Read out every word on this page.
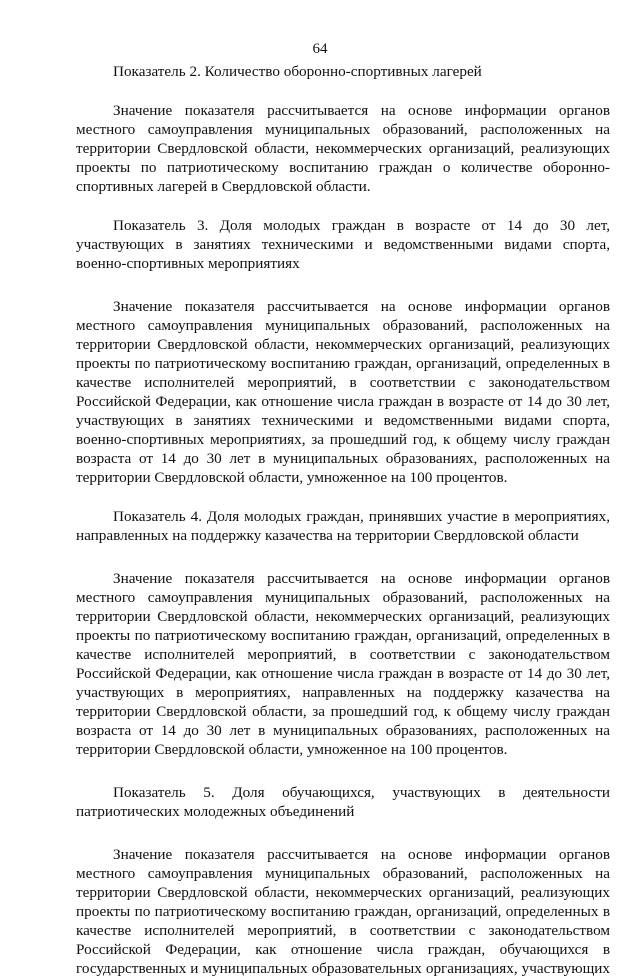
64

Показатель 2. Количество оборонно-спортивных лагерей

Значение показателя рассчитывается на основе информации органов местного самоуправления муниципальных образований, расположенных на территории Свердловской области, некоммерческих организаций, реализующих проекты по патриотическому воспитанию граждан о количестве оборонно-спортивных лагерей в Свердловской области.

Показатель 3. Доля молодых граждан в возрасте от 14 до 30 лет, участвующих в занятиях техническими и ведомственными видами спорта, военно-спортивных мероприятиях

Значение показателя рассчитывается на основе информации органов местного самоуправления муниципальных образований, расположенных на территории Свердловской области, некоммерческих организаций, реализующих проекты по патриотическому воспитанию граждан, организаций, определенных в качестве исполнителей мероприятий, в соответствии с законодательством Российской Федерации, как отношение числа граждан в возрасте от 14 до 30 лет, участвующих в занятиях техническими и ведомственными видами спорта, военно-спортивных мероприятиях, за прошедший год, к общему числу граждан возраста от 14 до 30 лет в муниципальных образованиях, расположенных на территории Свердловской области, умноженное на 100 процентов.

Показатель 4. Доля молодых граждан, принявших участие в мероприятиях, направленных на поддержку казачества на территории Свердловской области

Значение показателя рассчитывается на основе информации органов местного самоуправления муниципальных образований, расположенных на территории Свердловской области, некоммерческих организаций, реализующих проекты по патриотическому воспитанию граждан, организаций, определенных в качестве исполнителей мероприятий, в соответствии с законодательством Российской Федерации, как отношение числа граждан в возрасте от 14 до 30 лет, участвующих в мероприятиях, направленных на поддержку казачества на территории Свердловской области, за прошедший год, к общему числу граждан возраста от 14 до 30 лет в муниципальных образованиях, расположенных на территории Свердловской области, умноженное на 100 процентов.

Показатель 5. Доля обучающихся, участвующих в деятельности патриотических молодежных объединений

Значение показателя рассчитывается на основе информации органов местного самоуправления муниципальных образований, расположенных на территории Свердловской области, некоммерческих организаций, реализующих проекты по патриотическому воспитанию граждан, организаций, определенных в качестве исполнителей мероприятий, в соответствии с законодательством Российской Федерации, как отношение числа граждан, обучающихся в государственных и муниципальных образовательных организациях, участвующих
